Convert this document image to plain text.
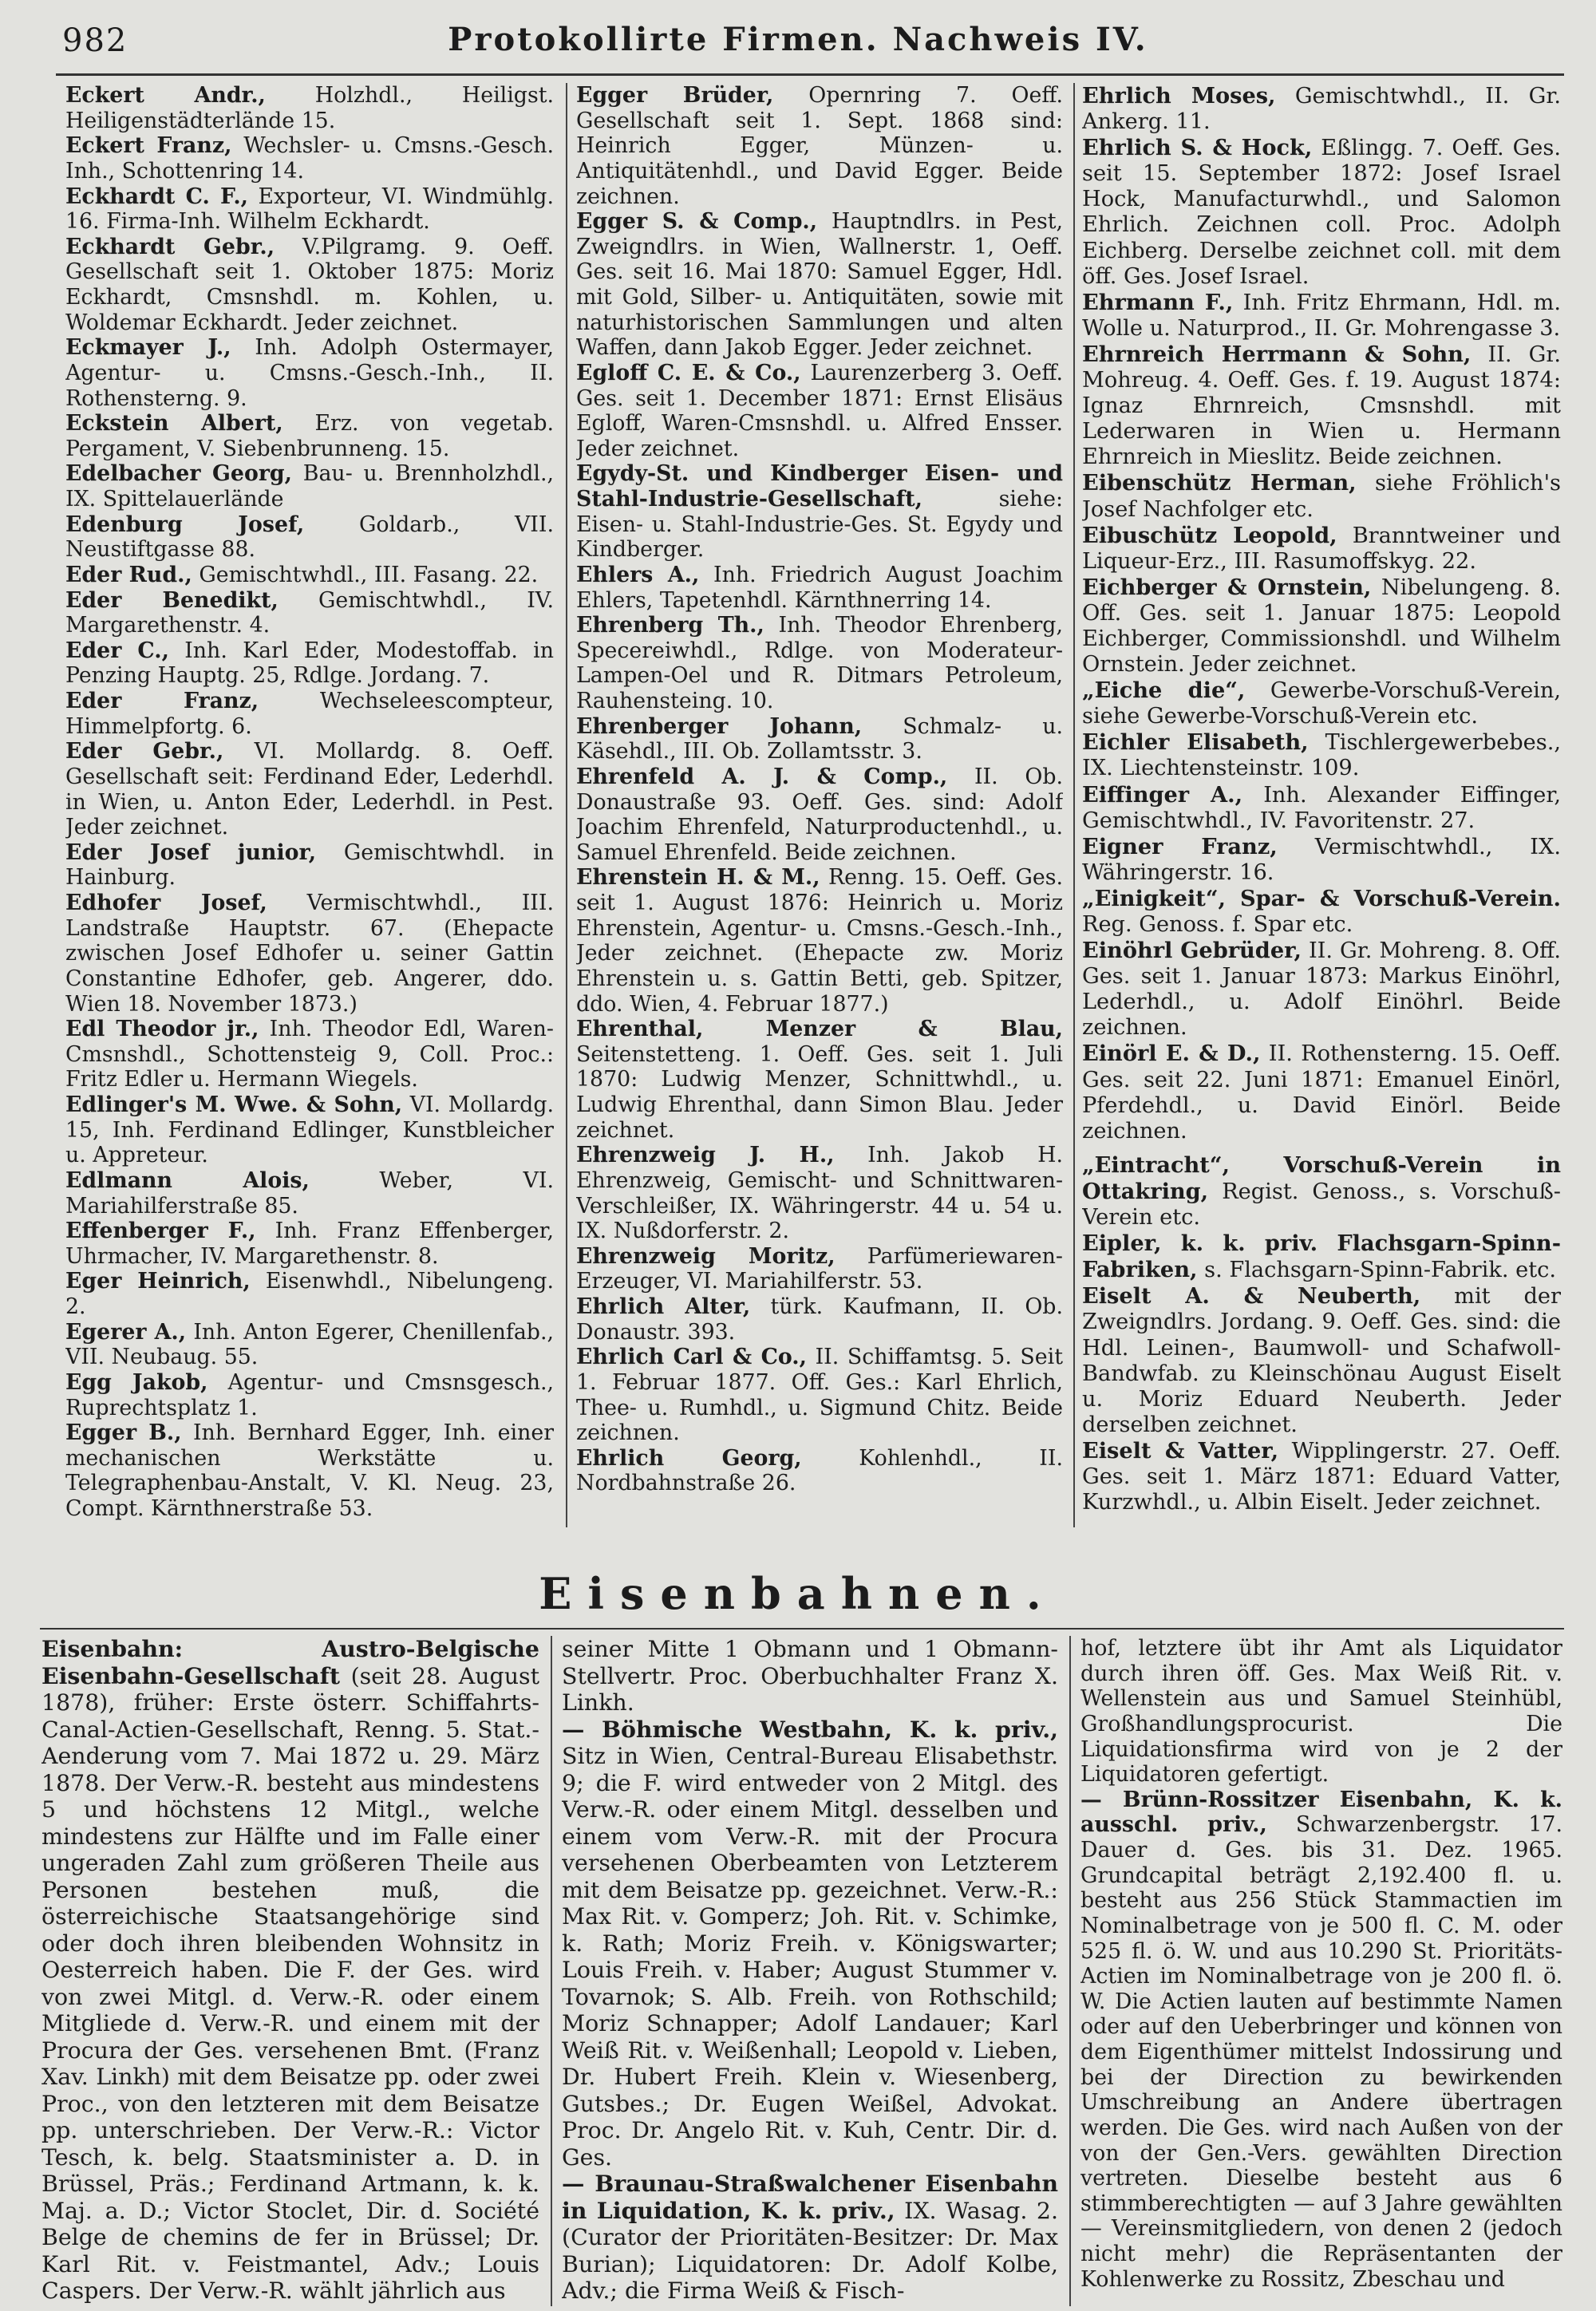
982	Protokollirte Firmen. Nachweis IV.

Eckert Andr., Holzhdl., Heiligst. Heiligenstädterlände 15.

Eckert Franz, Wechsler- u. Cmsns.-Gesch. Inh., Schottenring 14.

Eckhardt C. F., Exporteur, VI. Windmühlg. 16. Firma-Inh. Wilhelm Eckhardt.

Eckhardt Gebr., V.Pilgramg. 9. Oeff. Gesellschaft seit 1. Oktober 1875: Moriz Eckhardt, Cmsnshdl. m. Kohlen, u. Woldemar Eckhardt. Jeder zeichnet.

Eckmayer J., Inh. Adolph Ostermayer, Agentur- u. Cmsns.-Gesch.-Inh., II. Rothensterng. 9.

Eckstein Albert, Erz. von vegetab. Pergament, V. Siebenbrunneng. 15.

Edelbacher Georg, Bau- u. Brennholzhdl., IX. Spittelauerlände

Edenburg Josef,	Goldarb., VII. Neustiftgasse 88.

Eder Rud., Gemischtwhdl., III. Fasang. 22.

Eder Benedikt, Gemischtwhdl., IV. Margarethenstr. 4.

Eder C., Inh. Karl Eder, Modestoffab. in Penzing Hauptg. 25, Rdlge. Jordang. 7.

Eder Franz,	Wechseleescompteur, Himmelpfortg. 6.

Eder Gebr., VI. Mollardg. 8. Oeff. Gesellschaft seit: Ferdinand Eder, Lederhdl. in Wien, u. Anton Eder, Lederhdl. in Pest. Jeder zeichnet.

Eder Josef junior, Gemischtwhdl. in Hainburg.

Edhofer Josef, Vermischtwhdl., III. Landstraße Hauptstr. 67. (Ehepacte zwischen Josef Edhofer u. seiner Gattin Constantine Edhofer, geb. Angerer, ddo. Wien 18. November 1873.)

Edl Theodor jr., Inh. Theodor Edl, Waren-Cmsnshdl., Schottensteig 9, Coll. Proc.: Fritz Edler u. Hermann Wiegels.

Edlinger's M. Wwe. & Sohn, VI. Mollardg. 15, Inh. Ferdinand Edlinger, Kunstbleicher u. Appreteur.

Edlmann Alois,	Weber, VI. Mariahilferstraße 85.

Effenberger F., Inh. Franz Effenberger, Uhrmacher, IV. Margarethenstr. 8.

Eger Heinrich, Eisenwhdl., Nibelungeng. 2.

Egerer A., Inh. Anton Egerer, Chenillenfab., VII. Neubaug. 55.

Egg Jakob, Agentur- und Cmsnsgesch., Ruprechtsplatz 1.

Egger B., Inh. Bernhard Egger, Inh. einer mechanischen Werkstätte u. Telegraphenbau-Anstalt, V. Kl. Neug. 23, Compt. Kärnthnerstraße 53.

Egger Brüder, Opernring 7. Oeff. Gesellschaft seit 1. Sept. 1868 sind: Heinrich Egger, Münzen- u. Antiquitätenhdl., und David Egger. Beide zeichnen.

Egger S. & Comp., Hauptndlrs. in Pest, Zweigndlrs. in Wien, Wallnerstr. 1, Oeff. Ges. seit 16. Mai 1870: Samuel Egger, Hdl. mit Gold, Silber- u. Antiquitäten, sowie mit naturhistorischen Sammlungen und alten Waffen, dann Jakob Egger. Jeder zeichnet.

Egloff C. E. & Co., Laurenzerberg 3. Oeff. Ges. seit 1. December 1871: Ernst Elisäus Egloff, Waren-Cmsnshdl. u. Alfred Ensser. Jeder zeichnet.

Egydy-St. und Kindberger Eisen- und Stahl-Industrie-Gesellschaft,	siehe: Eisen- u. Stahl-Industrie-Ges. St. Egydy und Kindberger.

Ehlers A., Inh. Friedrich August Joachim Ehlers, Tapetenhdl. Kärnthnerring 14.

Ehrenberg Th., Inh. Theodor Ehrenberg, Specereiwhdl., Rdlge. von Moderateur-Lampen-Oel und R. Ditmars Petroleum, Rauhensteing. 10.

Ehrenberger Johann, Schmalz- u. Käsehdl., III. Ob. Zollamtsstr. 3.

Ehrenfeld A. J. & Comp., II. Ob. Donaustraße 93. Oeff. Ges. sind: Adolf Joachim Ehrenfeld, Naturproductenhdl., u. Samuel Ehrenfeld. Beide zeichnen.

Ehrenstein H. & M., Renng. 15. Oeff. Ges. seit 1. August 1876: Heinrich u. Moriz Ehrenstein, Agentur- u. Cmsns.-Gesch.-Inh., Jeder zeichnet. (Ehepacte zw. Moriz Ehrenstein u. s. Gattin Betti, geb. Spitzer, ddo. Wien, 4. Februar 1877.)

Ehrenthal, Menzer & Blau, Seitenstetteng. 1. Oeff. Ges. seit 1. Juli 1870: Ludwig Menzer, Schnittwhdl., u. Ludwig Ehrenthal, dann Simon Blau. Jeder zeichnet.

Ehrenzweig J. H., Inh. Jakob H. Ehrenzweig, Gemischt- und Schnittwaren-Verschleißer, IX. Währingerstr. 44 u. 54 u. IX. Nußdorferstr. 2.

Ehrenzweig Moritz, Parfümeriewaren-Erzeuger, VI. Mariahilferstr. 53.

Ehrlich Alter, türk. Kaufmann, II. Ob. Donaustr. 393.

Ehrlich Carl & Co., II. Schiffamtsg. 5. Seit 1. Februar 1877. Off. Ges.: Karl Ehrlich, Thee- u. Rumhdl., u. Sigmund Chitz. Beide zeichnen.

Ehrlich Georg,	Kohlenhdl., II. Nordbahnstraße 26.

Ehrlich Moses, Gemischtwhdl., II. Gr. Ankerg. 11.

Ehrlich S. & Hock, Eßlingg. 7. Oeff. Ges. seit 15. September 1872: Josef Israel Hock, Manufacturwhdl., und Salomon Ehrlich. Zeichnen coll. Proc. Adolph Eichberg. Derselbe zeichnet coll. mit dem öff. Ges. Josef Israel.

Ehrmann F., Inh. Fritz Ehrmann, Hdl. m. Wolle u. Naturprod., II. Gr. Mohrengasse 3.

Ehrnreich Herrmann & Sohn, II. Gr. Mohreug. 4. Oeff. Ges. f. 19. August 1874: Ignaz Ehrnreich, Cmsnshdl. mit Lederwaren in Wien u. Hermann Ehrnreich in Mieslitz. Beide zeichnen.

Eibenschütz Herman, siehe Fröhlich's Josef Nachfolger etc.

Eibuschütz Leopold, Branntweiner und Liqueur-Erz., III. Rasumoffskyg. 22.

Eichberger & Ornstein, Nibelungeng. 8. Off. Ges. seit 1. Januar 1875: Leopold Eichberger, Commissionshdl. und Wilhelm Ornstein. Jeder zeichnet.

„Eiche die“, Gewerbe-Vorschuß-Verein, siehe Gewerbe-Vorschuß-Verein etc.

Eichler Elisabeth, Tischlergewerbebes., IX. Liechtensteinstr. 109.

Eiffinger A., Inh. Alexander Eiffinger, Gemischtwhdl., IV. Favoritenstr. 27.

Eigner Franz, Vermischtwhdl., IX. Währingerstr. 16.

„Einigkeit“, Spar- & Vorschuß-Verein. Reg. Genoss. f. Spar etc.

Einöhrl Gebrüder, II. Gr. Mohreng. 8. Off. Ges. seit 1. Januar 1873: Markus Einöhrl, Lederhdl., u. Adolf Einöhrl. Beide zeichnen.

Einörl E. & D., II. Rothensterng. 15. Oeff. Ges. seit 22. Juni 1871: Emanuel Einörl, Pferdehdl., u. David Einörl. Beide zeichnen.

„Eintracht“, Vorschuß-Verein in Ottakring, Regist. Genoss., s. Vorschuß-Verein etc.

Eipler, k. k. priv. Flachsgarn-Spinn-Fabriken, s. Flachsgarn-Spinn-Fabrik. etc.

Eiselt A. & Neuberth, mit der Zweigndlrs. Jordang. 9. Oeff. Ges. sind: die Hdl. Leinen-, Baumwoll- und Schafwoll-Bandwfab. zu Kleinschönau August Eiselt u. Moriz Eduard Neuberth. Jeder derselben zeichnet.

Eiselt & Vatter, Wipplingerstr. 27. Oeff. Ges. seit 1. März 1871: Eduard Vatter, Kurzwhdl., u. Albin Eiselt. Jeder zeichnet.

Eisenbahnen.

Eisenbahn: Austro-Belgische Eisenbahn-Gesellschaft (seit 28. August 1878), früher: Erste österr. Schiffahrts-Canal-Actien-Gesellschaft, Renng. 5. Stat.-Aenderung vom 7. Mai 1872 u. 29. März 1878. Der Verw.-R. besteht aus mindestens 5 und höchstens 12 Mitgl., welche mindestens zur Hälfte und im Falle einer ungeraden Zahl zum größeren Theile aus Personen bestehen muß, die österreichische Staatsangehörige sind oder doch ihren bleibenden Wohnsitz in Oesterreich haben. Die F. der Ges. wird von zwei Mitgl. d. Verw.-R. oder einem Mitgliede d. Verw.-R. und einem mit der Procura der Ges. versehenen Bmt. (Franz Xav. Linkh) mit dem Beisatze pp. oder zwei Proc., von den letzteren mit dem Beisatze pp. unterschrieben. Der Verw.-R.: Victor Tesch, k. belg. Staatsminister a. D. in Brüssel, Präs.; Ferdinand Artmann, k. k. Maj. a. D.; Victor Stoclet, Dir. d. Société Belge de chemins de fer in Brüssel; Dr. Karl Rit. v. Feistmantel, Adv.; Louis Caspers. Der Verw.-R. wählt jährlich aus

seiner Mitte 1 Obmann und 1 Obmann-Stellvertr. Proc. Oberbuchhalter Franz X. Linkh.

— Böhmische Westbahn, K. k. priv., Sitz in Wien, Central-Bureau Elisabethstr. 9; die F. wird entweder von 2 Mitgl. des Verw.-R. oder einem Mitgl. desselben und einem vom Verw.-R. mit der Procura versehenen Oberbeamten von Letzterem mit dem Beisatze pp. gezeichnet. Verw.-R.: Max Rit. v. Gomperz; Joh. Rit. v. Schimke, k. Rath; Moriz Freih. v. Königswarter; Louis Freih. v. Haber; August Stummer v. Tovarnok; S. Alb. Freih. von Rothschild; Moriz Schnapper; Adolf Landauer; Karl Weiß Rit. v. Weißenhall; Leopold v. Lieben, Dr. Hubert Freih. Klein v. Wiesenberg, Gutsbes.; Dr. Eugen Weißel, Advokat. Proc. Dr. Angelo Rit. v. Kuh, Centr. Dir. d. Ges.

— Braunau-Straßwalchener Eisenbahn in Liquidation, K. k. priv., IX. Wasag. 2. (Curator der Prioritäten-Besitzer: Dr. Max Burian); Liquidatoren: Dr. Adolf Kolbe, Adv.; die Firma Weiß & Fisch-

hof, letztere übt ihr Amt als Liquidator durch ihren öff. Ges. Max Weiß Rit. v. Wellenstein aus und Samuel Steinhübl, Großhandlungsprocurist. Die Liquidationsfirma wird von je 2 der Liquidatoren gefertigt.

— Brünn-Rossitzer Eisenbahn, K. k. ausschl. priv., Schwarzenbergstr. 17. Dauer d. Ges. bis 31. Dez. 1965. Grundcapital beträgt 2,192.400 fl. u. besteht aus 256 Stück Stammactien im Nominalbetrage von je 500 fl. C. M. oder 525 fl. ö. W. und aus 10.290 St. Prioritäts-Actien im Nominalbetrage von je 200 fl. ö. W. Die Actien lauten auf bestimmte Namen oder auf den Ueberbringer und können von dem Eigenthümer mittelst Indossirung und bei der Direction zu bewirkenden Umschreibung an Andere übertragen werden. Die Ges. wird nach Außen von der von der Gen.-Vers. gewählten Direction vertreten. Dieselbe besteht aus 6 stimmberechtigten — auf 3 Jahre gewählten — Vereinsmitgliedern, von denen 2 (jedoch nicht mehr) die Repräsentanten der Kohlenwerke zu Rossitz, Zbeschau und
